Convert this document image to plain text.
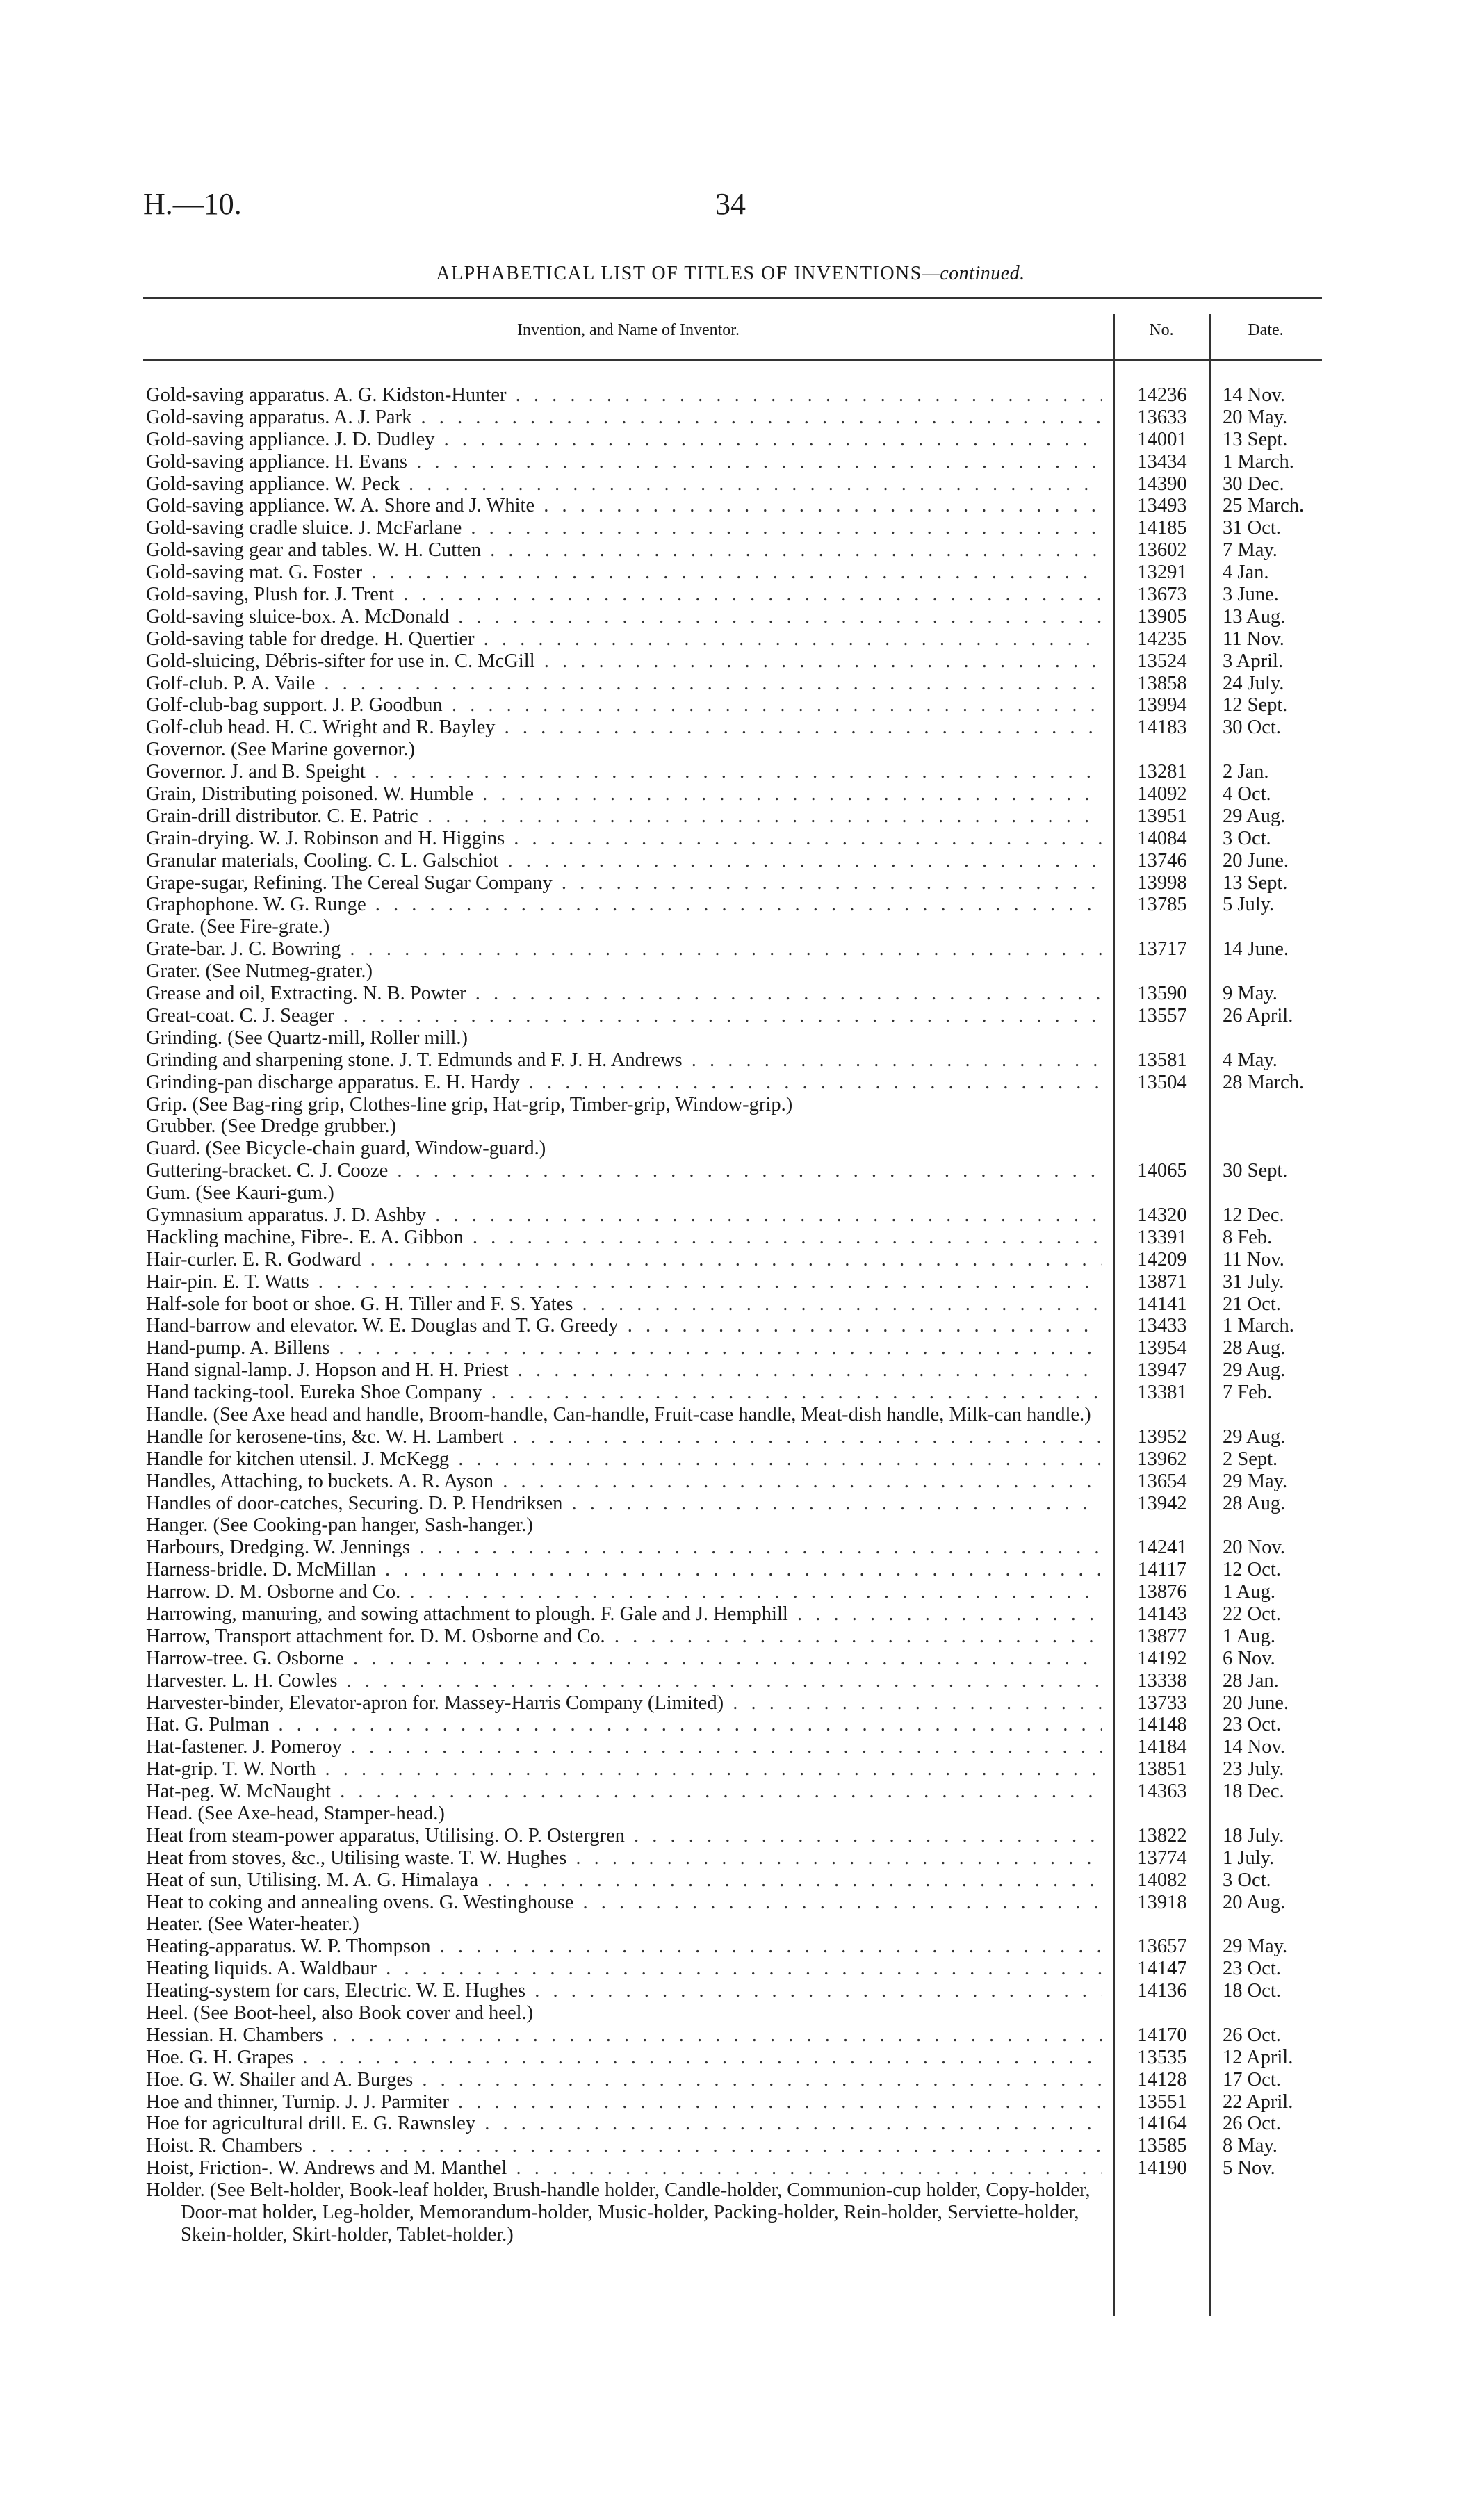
H.—10.	34
ALPHABETICAL LIST OF TITLES OF INVENTIONS—continued.
Invention, and Name of Inventor.	No.	Date.
Gold-saving apparatus. A. G. Kidston-Hunter . . .	14236	14 Nov.
Gold-saving apparatus. A. J. Park . . .	13633	20 May.
Gold-saving appliance. J. D. Dudley . . .	14001	13 Sept.
Gold-saving appliance. H. Evans . . .	13434	1 March.
Gold-saving appliance. W. Peck . . .	14390	30 Dec.
Gold-saving appliance. W. A. Shore and J. White . . .	13493	25 March.
Gold-saving cradle sluice. J. McFarlane . . .	14185	31 Oct.
Gold-saving gear and tables. W. H. Cutten . . .	13602	7 May.
Gold-saving mat. G. Foster . . .	13291	4 Jan.
Gold-saving, Plush for. J. Trent . . .	13673	3 June.
Gold-saving sluice-box. A. McDonald . . .	13905	13 Aug.
Gold-saving table for dredge. H. Quertier . . .	14235	11 Nov.
Gold-sluicing, Débris-sifter for use in. C. McGill . . .	13524	3 April.
Golf-club. P. A. Vaile . . .	13858	24 July.
Golf-club-bag support. J. P. Goodbun . . .	13994	12 Sept.
Golf-club head. H. C. Wright and R. Bayley . . .	14183	30 Oct.
Governor. (See Marine governor.)
Governor. J. and B. Speight . . .	13281	2 Jan.
Grain, Distributing poisoned. W. Humble . . .	14092	4 Oct.
Grain-drill distributor. C. E. Patric . . .	13951	29 Aug.
Grain-drying. W. J. Robinson and H. Higgins . . .	14084	3 Oct.
Granular materials, Cooling. C. L. Galschiot . . .	13746	20 June.
Grape-sugar, Refining. The Cereal Sugar Company . . .	13998	13 Sept.
Graphophone. W. G. Runge . . .	13785	5 July.
Grate. (See Fire-grate.)
Grate-bar. J. C. Bowring . . .	13717	14 June.
Grater. (See Nutmeg-grater.)
Grease and oil, Extracting. N. B. Powter . . .	13590	9 May.
Great-coat. C. J. Seager . . .	13557	26 April.
Grinding. (See Quartz-mill, Roller mill.)
Grinding and sharpening stone. J. T. Edmunds and F. J. H. Andrews . . .	13581	4 May.
Grinding-pan discharge apparatus. E. H. Hardy . . .	13504	28 March.
Grip. (See Bag-ring grip, Clothes-line grip, Hat-grip, Timber-grip, Window-grip.)
Grubber. (See Dredge grubber.)
Guard. (See Bicycle-chain guard, Window-guard.)
Guttering-bracket. C. J. Cooze . . .	14065	30 Sept.
Gum. (See Kauri-gum.)
Gymnasium apparatus. J. D. Ashby . . .	14320	12 Dec.
Hackling machine, Fibre-. E. A. Gibbon . . .	13391	8 Feb.
Hair-curler. E. R. Godward . . .	14209	11 Nov.
Hair-pin. E. T. Watts . . .	13871	31 July.
Half-sole for boot or shoe. G. H. Tiller and F. S. Yates . . .	14141	21 Oct.
Hand-barrow and elevator. W. E. Douglas and T. G. Greedy . . .	13433	1 March.
Hand-pump. A. Billens . . .	13954	28 Aug.
Hand signal-lamp. J. Hopson and H. H. Priest . . .	13947	29 Aug.
Hand tacking-tool. Eureka Shoe Company . . .	13381	7 Feb.
Handle. (See Axe head and handle, Broom-handle, Can-handle, Fruit-case handle, Meat-dish handle, Milk-can handle.)
Handle for kerosene-tins, &c. W. H. Lambert . . .	13952	29 Aug.
Handle for kitchen utensil. J. McKegg . . .	13962	2 Sept.
Handles, Attaching, to buckets. A. R. Ayson . . .	13654	29 May.
Handles of door-catches, Securing. D. P. Hendriksen . . .	13942	28 Aug.
Hanger. (See Cooking-pan hanger, Sash-hanger.)
Harbours, Dredging. W. Jennings . . .	14241	20 Nov.
Harness-bridle. D. McMillan . . .	14117	12 Oct.
Harrow. D. M. Osborne and Co. . . .	13876	1 Aug.
Harrowing, manuring, and sowing attachment to plough. F. Gale and J. Hemphill . . .	14143	22 Oct.
Harrow, Transport attachment for. D. M. Osborne and Co. . . .	13877	1 Aug.
Harrow-tree. G. Osborne . . .	14192	6 Nov.
Harvester. L. H. Cowles . . .	13338	28 Jan.
Harvester-binder, Elevator-apron for. Massey-Harris Company (Limited) . . .	13733	20 June.
Hat. G. Pulman . . .	14148	23 Oct.
Hat-fastener. J. Pomeroy . . .	14184	14 Nov.
Hat-grip. T. W. North . . .	13851	23 July.
Hat-peg. W. McNaught . . .	14363	18 Dec.
Head. (See Axe-head, Stamper-head.)
Heat from steam-power apparatus, Utilising. O. P. Ostergren . . .	13822	18 July.
Heat from stoves, &c., Utilising waste. T. W. Hughes . . .	13774	1 July.
Heat of sun, Utilising. M. A. G. Himalaya . . .	14082	3 Oct.
Heat to coking and annealing ovens. G. Westinghouse . . .	13918	20 Aug.
Heater. (See Water-heater.)
Heating-apparatus. W. P. Thompson . . .	13657	29 May.
Heating liquids. A. Waldbaur . . .	14147	23 Oct.
Heating-system for cars, Electric. W. E. Hughes . . .	14136	18 Oct.
Heel. (See Boot-heel, also Book cover and heel.)
Hessian. H. Chambers . . .	14170	26 Oct.
Hoe. G. H. Grapes . . .	13535	12 April.
Hoe. G. W. Shailer and A. Burges . . .	14128	17 Oct.
Hoe and thinner, Turnip. J. J. Parmiter . . .	13551	22 April.
Hoe for agricultural drill. E. G. Rawnsley . . .	14164	26 Oct.
Hoist. R. Chambers . . .	13585	8 May.
Hoist, Friction-. W. Andrews and M. Manthel . . .	14190	5 Nov.
Holder. (See Belt-holder, Book-leaf holder, Brush-handle holder, Candle-holder, Communion-cup holder, Copy-holder, Door-mat holder, Leg-holder, Memorandum-holder, Music-holder, Packing-holder, Rein-holder, Serviette-holder, Skein-holder, Skirt-holder, Tablet-holder.)
